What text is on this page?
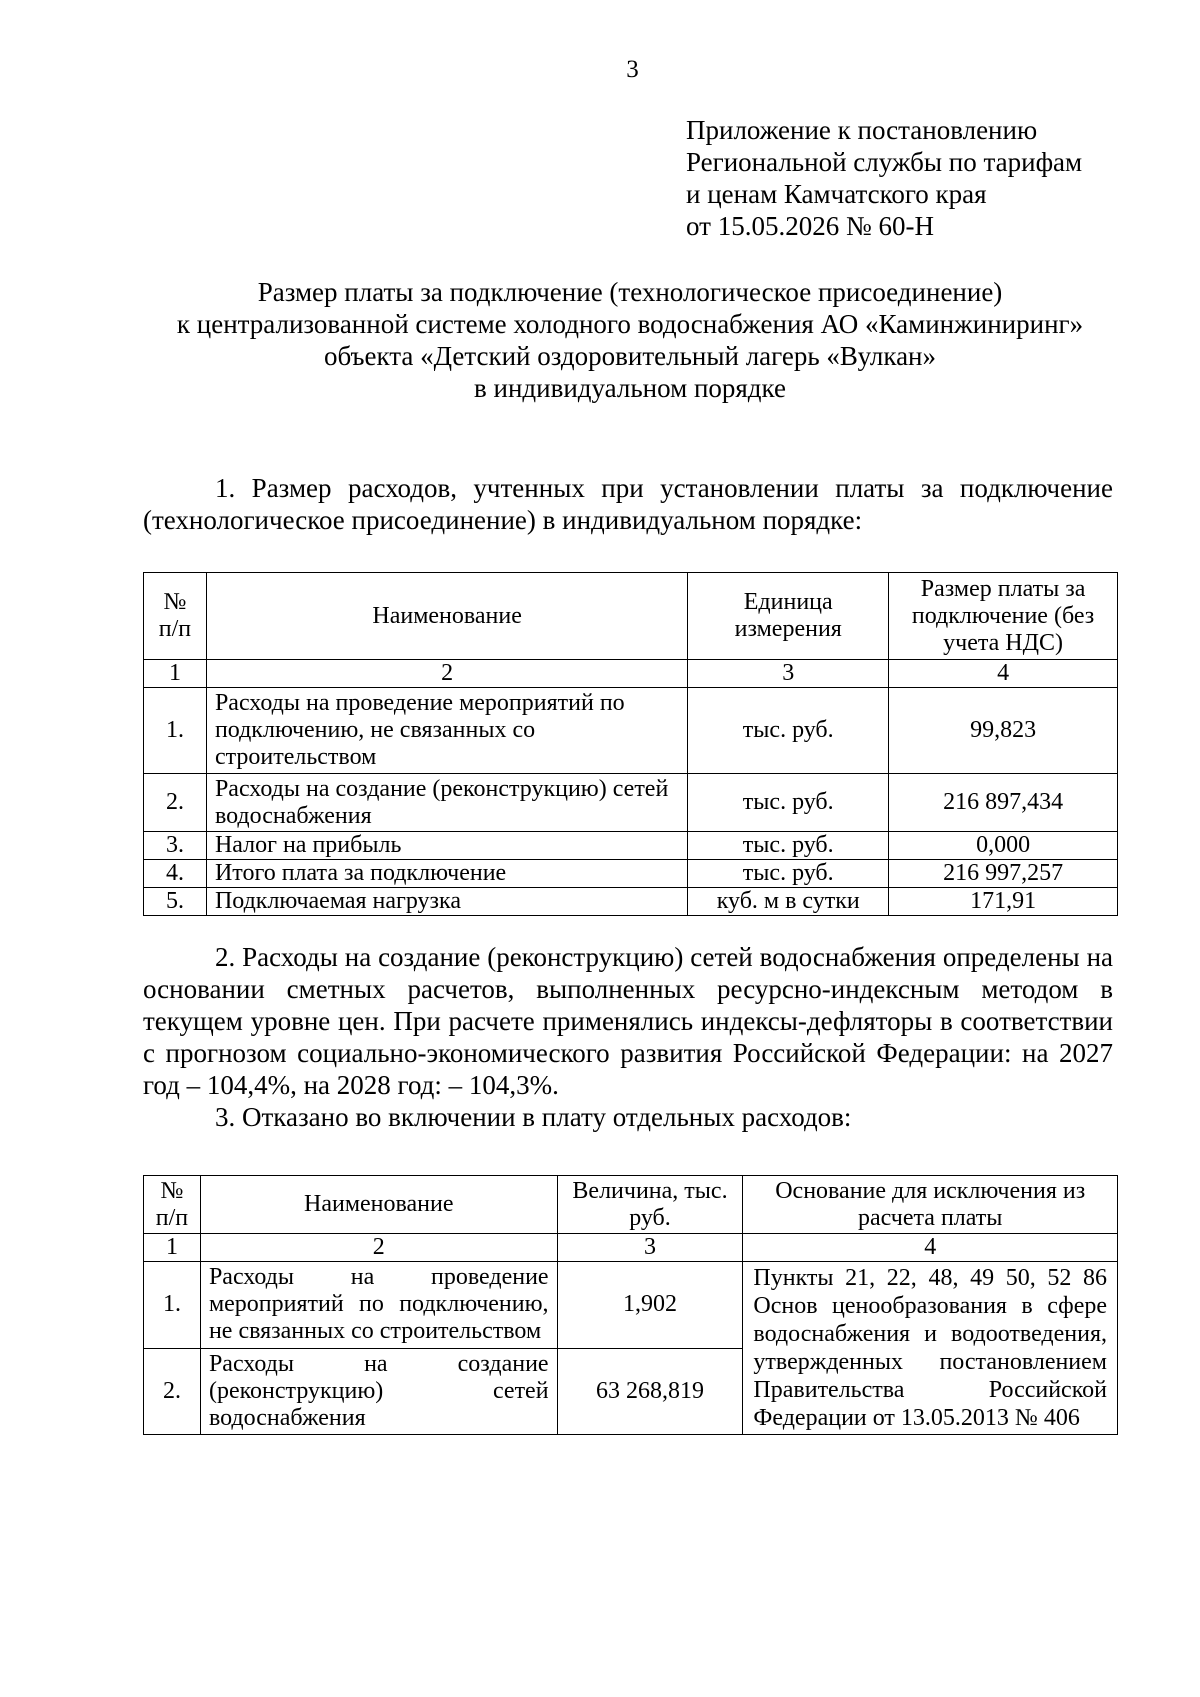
3
Приложение к постановлению
Региональной службы по тарифам
и ценам Камчатского края
от 15.05.2026 № 60-Н
Размер платы за подключение (технологическое присоединение)
к централизованной системе холодного водоснабжения АО «Каминжиниринг»
объекта «Детский оздоровительный лагерь «Вулкан»
в индивидуальном порядке

1. Размер расходов, учтенных при установлении платы за подключение (технологическое присоединение) в индивидуальном порядке:

№ п/п	Наименование	Единица измерения	Размер платы за подключение (без учета НДС)
1	2	3	4
1.	Расходы на проведение мероприятий по подключению, не связанных со строительством	тыс. руб.	99,823
2.	Расходы на создание (реконструкцию) сетей водоснабжения	тыс. руб.	216 897,434
3.	Налог на прибыль	тыс. руб.	0,000
4.	Итого плата за подключение	тыс. руб.	216 997,257
5.	Подключаемая нагрузка	куб. м в сутки	171,91

2. Расходы на создание (реконструкцию) сетей водоснабжения определены на основании сметных расчетов, выполненных ресурсно-индексным методом в текущем уровне цен. При расчете применялись индексы-дефляторы в соответствии с прогнозом социально-экономического развития Российской Федерации: на 2027 год – 104,4%, на 2028 год: – 104,3%.

3. Отказано во включении в плату отдельных расходов:

№ п/п	Наименование	Величина, тыс. руб.	Основание для исключения из расчета платы
1	2	3	4
1.	Расходы на проведение мероприятий по подключению, не связанных со строительством	1,902	Пункты 21, 22, 48, 49 50, 52 86 Основ ценообразования в сфере водоснабжения и водоотведения, утвержденных постановлением Правительства Российской Федерации от 13.05.2013 № 406
2.	Расходы на создание (реконструкцию) сетей водоснабжения	63 268,819	
